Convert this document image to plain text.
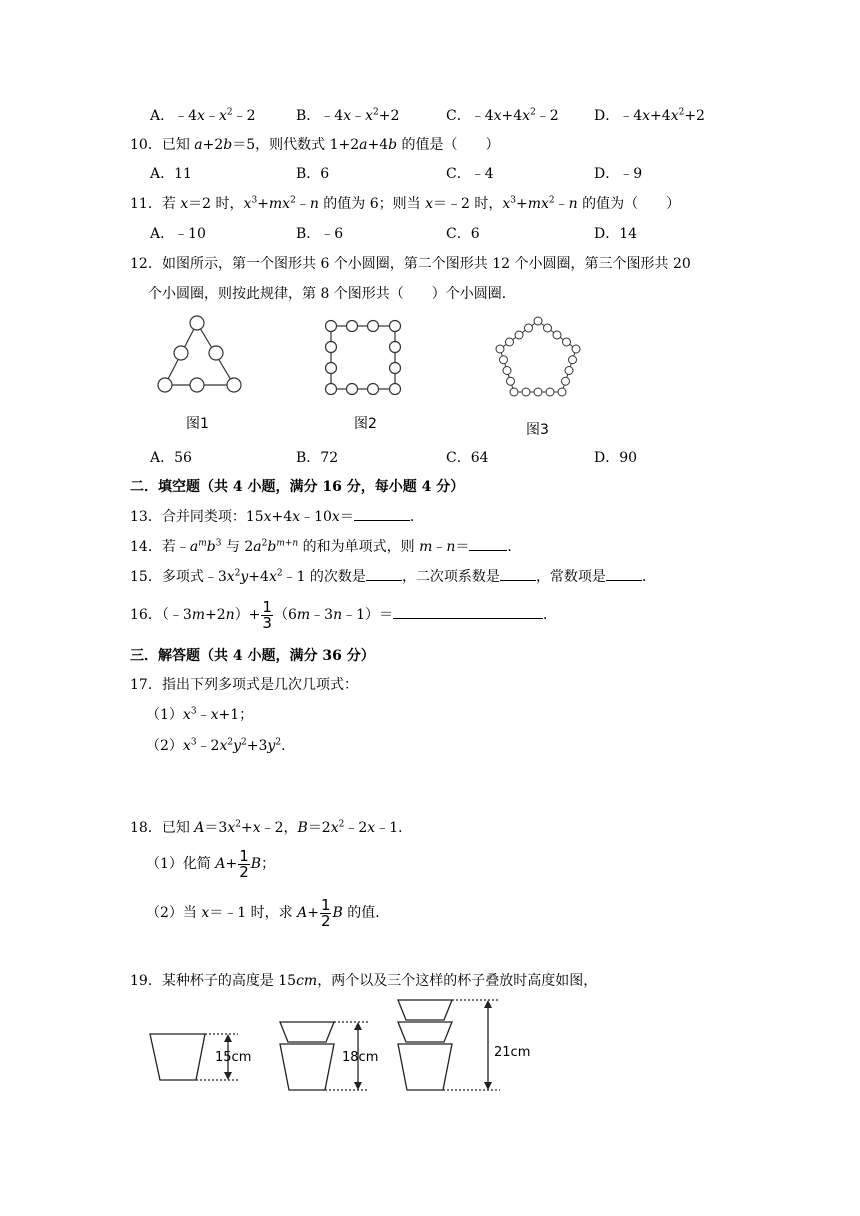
A．$﹣4x﹣x^2﹣2$	B．$﹣4x﹣x^2+2$	C．$﹣4x+4x^2﹣2$	D．$﹣4x+4x^2+2$
10．已知 a+2b＝5，则代数式 1+2a+4b 的值是（　　）
A．11	B．6	C．﹣4	D．﹣9
11．若 x＝2 时，$x^3+mx^2﹣n$ 的值为 6；则当 x＝﹣2 时，$x^3+mx^2﹣n$ 的值为（　　）
A．﹣10	B．﹣6	C．6	D．14
12． 如图所示，第一个图形共 6 个小圆圈，第二个图形共 12 个小圆圈，第三个图形共 20
个小圆圈，则按此规律，第 8 个图形共（　　）个小圆圈．
图1	图2	图3
A．56	B．72	C．64	D．90
二．填空题（共 4 小题，满分 16 分，每小题 4 分）
13．合并同类项：15x+4x﹣10x＝	．
14．若$﹣a^mb^3$ 与 $2a^2b^{m+n}$ 的和为单项式，则 m﹣n＝	．
15．多项式$﹣3x^2y+4x^2﹣1$ 的次数是	，二次项系数是	，常数项是	．
16．（﹣3m+2n）+ $\frac{1}{3}$ （6m﹣3n﹣1）＝	．
三．解答题（共 4 小题，满分 36 分）
17． 指出下列多项式是几次几项式：
$(1)x^3﹣x+1$；
$(2)x^3﹣2x^2y^2+3y^2$．
18．已知 $A=3x^2+x﹣2$，$B=2x^2﹣2x﹣1$．
（1）化简 $A+ \frac{1}{2}$ B；
（2）当 x＝﹣1 时，求 $A+ \frac{1}{2}$ B 的值．
19．某种杯子的高度是 15cm，两个以及三个这样的杯子叠放时高度如图，
15cm	18cm	21cm
